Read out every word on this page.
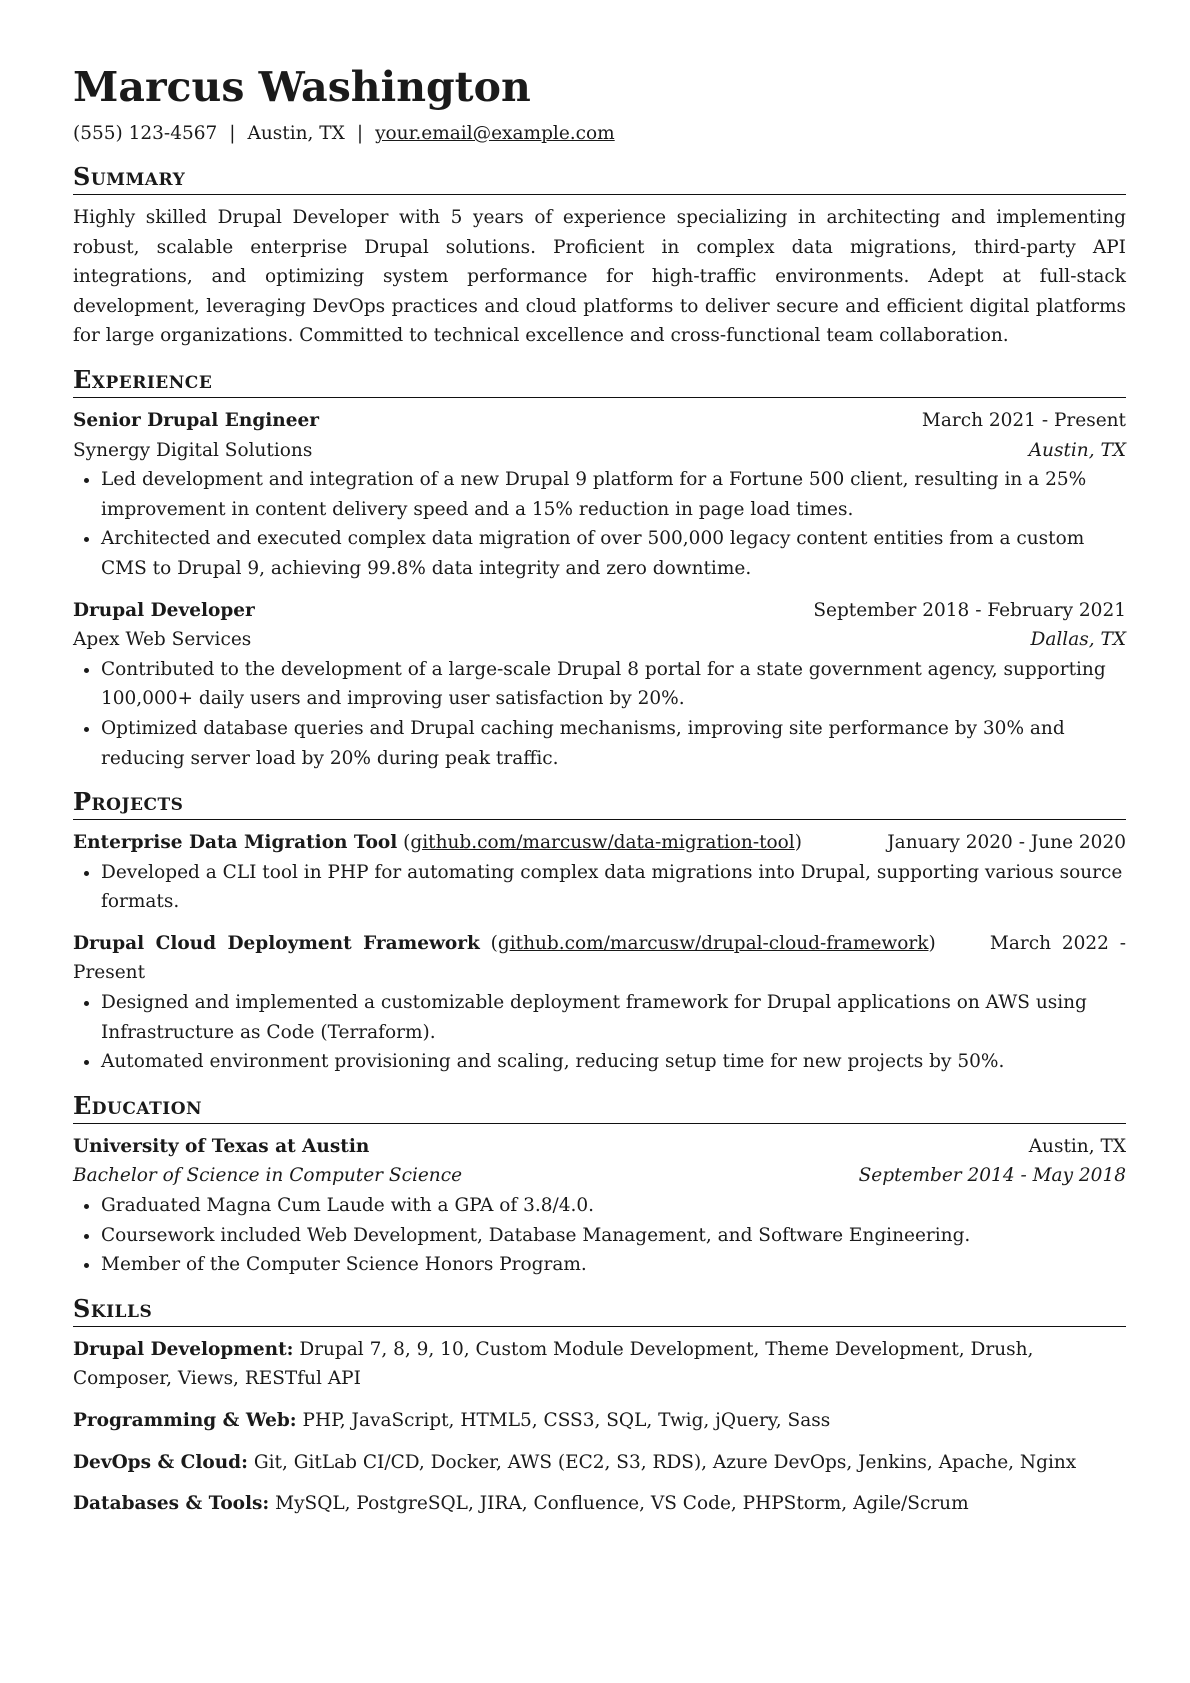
Marcus Washington
(555) 123-4567 | Austin, TX | your.email@example.com
Summary

Highly skilled Drupal Developer with 5 years of experience specializing in architecting and implementing robust, scalable enterprise Drupal solutions. Proficient in complex data migrations, third-party API integrations, and optimizing system performance for high-traffic environments. Adept at full-stack development, leveraging DevOps practices and cloud platforms to deliver secure and efficient digital platforms for large organizations. Committed to technical excellence and cross-functional team collaboration.

Experience
Senior Drupal Engineer	March 2021 - Present
Synergy Digital Solutions	Austin, TX
• Led development and integration of a new Drupal 9 platform for a Fortune 500 client, resulting in a 25% improvement in content delivery speed and a 15% reduction in page load times.
• Architected and executed complex data migration of over 500,000 legacy content entities from a custom CMS to Drupal 9, achieving 99.8% data integrity and zero downtime.
Drupal Developer	September 2018 - February 2021
Apex Web Services	Dallas, TX
• Contributed to the development of a large-scale Drupal 8 portal for a state government agency, supporting 100,000+ daily users and improving user satisfaction by 20%.
• Optimized database queries and Drupal caching mechanisms, improving site performance by 30% and reducing server load by 20% during peak traffic.
Projects
Enterprise Data Migration Tool (github.com/marcusw/data-migration-tool)	January 2020 - June 2020
• Developed a CLI tool in PHP for automating complex data migrations into Drupal, supporting various source formats.
Drupal Cloud Deployment Framework (github.com/marcusw/drupal-cloud-framework)     March 2022 - Present
• Designed and implemented a customizable deployment framework for Drupal applications on AWS using Infrastructure as Code (Terraform).
• Automated environment provisioning and scaling, reducing setup time for new projects by 50%.
Education
University of Texas at Austin	Austin, TX
Bachelor of Science in Computer Science	September 2014 - May 2018
• Graduated Magna Cum Laude with a GPA of 3.8/4.0.
• Coursework included Web Development, Database Management, and Software Engineering.
• Member of the Computer Science Honors Program.
Skills
Drupal Development: Drupal 7, 8, 9, 10, Custom Module Development, Theme Development, Drush, Composer, Views, RESTful API
Programming & Web: PHP, JavaScript, HTML5, CSS3, SQL, Twig, jQuery, Sass
DevOps & Cloud: Git, GitLab CI/CD, Docker, AWS (EC2, S3, RDS), Azure DevOps, Jenkins, Apache, Nginx
Databases & Tools: MySQL, PostgreSQL, JIRA, Confluence, VS Code, PHPStorm, Agile/Scrum
